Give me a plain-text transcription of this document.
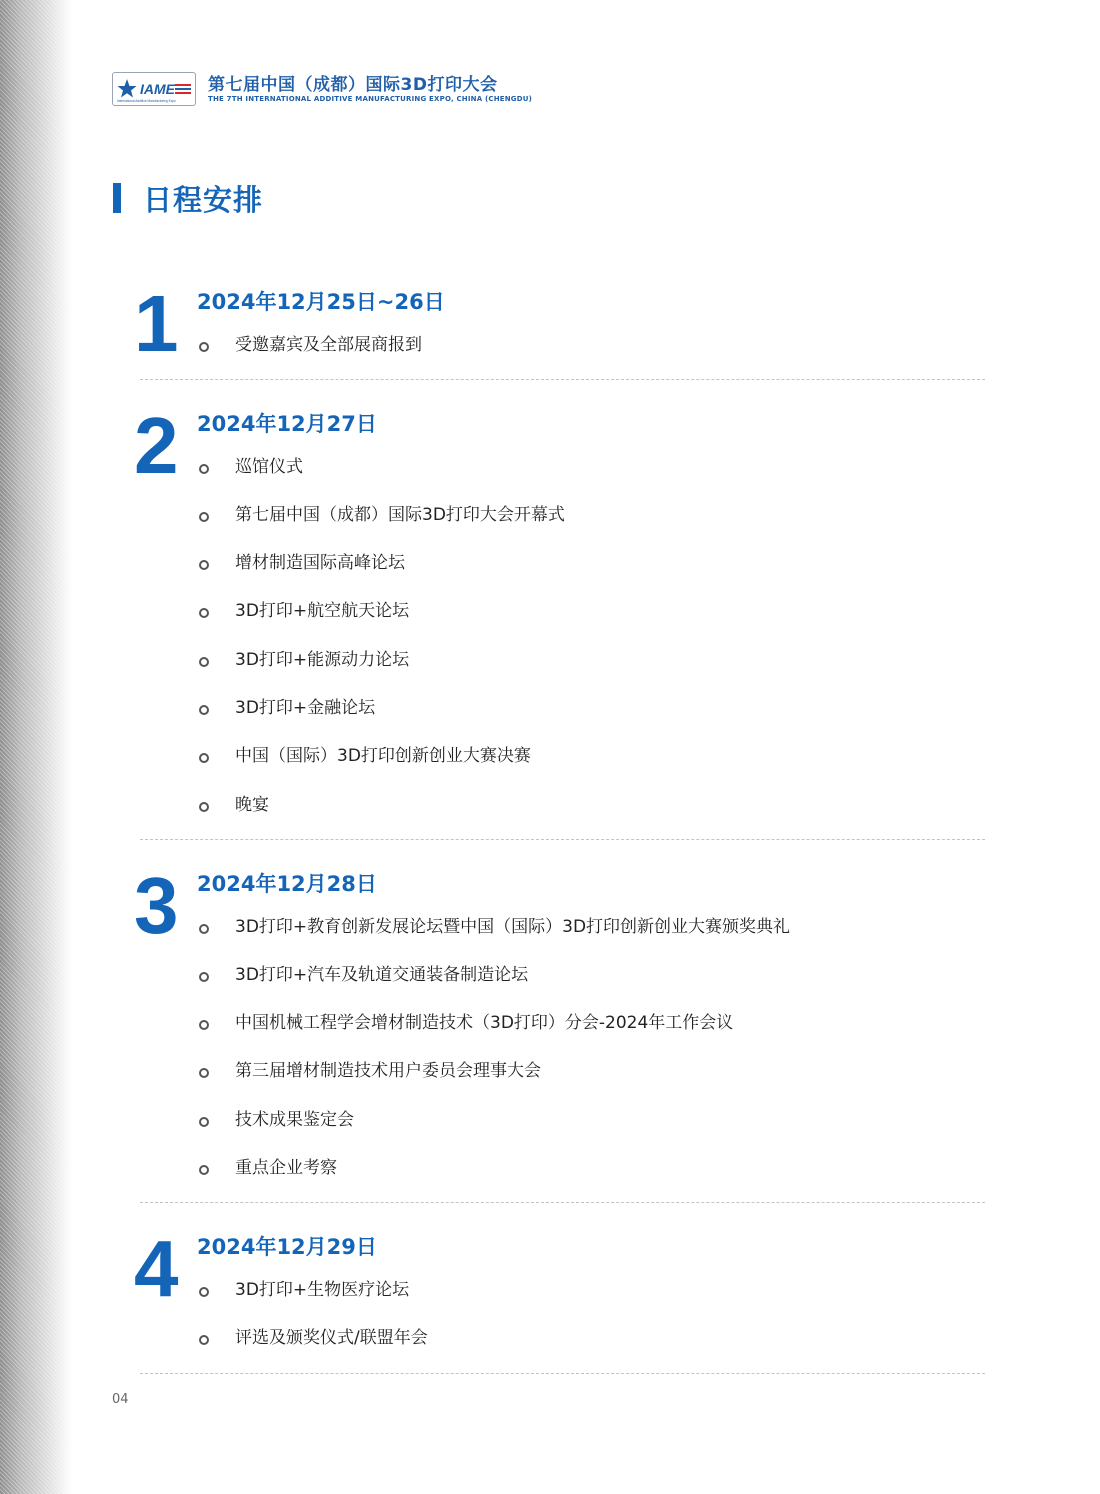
IAME
International Additive Manufacturing Expo
第七届中国（成都）国际3D打印大会
THE 7TH INTERNATIONAL ADDITIVE MANUFACTURING EXPO, CHINA (CHENGDU)
日程安排
1 2024年12月25日~26日
受邀嘉宾及全部展商报到
2 2024年12月27日
巡馆仪式
第七届中国（成都）国际3D打印大会开幕式
增材制造国际高峰论坛
3D打印+航空航天论坛
3D打印+能源动力论坛
3D打印+金融论坛
中国（国际）3D打印创新创业大赛决赛
晚宴
3 2024年12月28日
3D打印+教育创新发展论坛暨中国（国际）3D打印创新创业大赛颁奖典礼
3D打印+汽车及轨道交通装备制造论坛
中国机械工程学会增材制造技术（3D打印）分会-2024年工作会议
第三届增材制造技术用户委员会理事大会
技术成果鉴定会
重点企业考察
4 2024年12月29日
3D打印+生物医疗论坛
评选及颁奖仪式/联盟年会
04
